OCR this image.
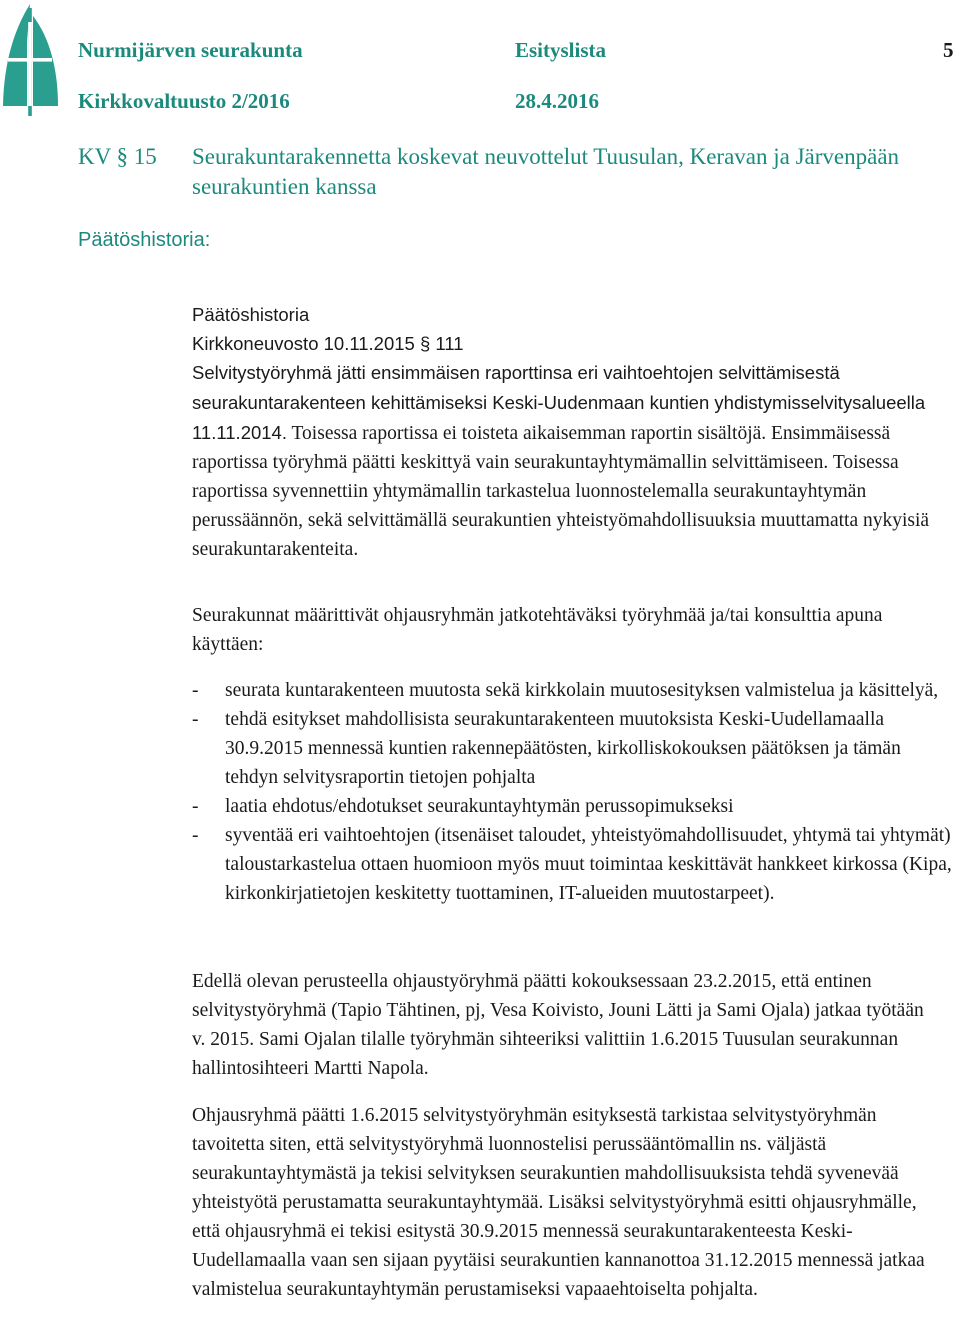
Nurmijärven seurakunta	Esityslista	5
Kirkkovaltuusto 2/2016	28.4.2016
KV § 15 Seurakuntarakennetta koskevat neuvottelut Tuusulan, Keravan ja Järvenpään seurakuntien kanssa
Päätöshistoria:

Päätöshistoria

Kirkkoneuvosto 10.11.2015 § 111

Selvitystyöryhmä jätti ensimmäisen raporttinsa eri vaihtoehtojen selvittämisestä seurakuntarakenteen kehittämiseksi Keski-Uudenmaan kuntien yhdistymisselvitysalueella 11.11.2014. Toisessa raportissa ei toisteta aikaisemman raportin sisältöjä. Ensimmäisessä raportissa työryhmä päätti keskittyä vain seurakuntayhtymämallin selvittämiseen. Toisessa raportissa syvennettiin yhtymämallin tarkastelua luonnostelemalla seurakuntayhtymän perussäännön, sekä selvittämällä seurakuntien yhteistyömahdollisuuksia muuttamatta nykyisiä seurakuntarakenteita.

Seurakunnat määrittivät ohjausryhmän jatkotehtäväksi työryhmää ja/tai konsulttia apuna käyttäen:
- seurata kuntarakenteen muutosta sekä kirkkolain muutosesityksen valmistelua ja käsittelyä,
- tehdä esitykset mahdollisista seurakuntarakenteen muutoksista Keski-Uudellamaalla 30.9.2015 mennessä kuntien rakennepäätösten, kirkolliskokouksen päätöksen ja tämän tehdyn selvitysraportin tietojen pohjalta
- laatia ehdotus/ehdotukset seurakuntayhtymän perussopimukseksi
- syventää eri vaihtoehtojen (itsenäiset taloudet, yhteistyömahdollisuudet, yhtymä tai yhtymät) taloustarkastelua ottaen huomioon myös muut toimintaa keskittävät hankkeet kirkossa (Kipa, kirkonkirjatietojen keskitetty tuottaminen, IT-alueiden muutostarpeet).
Edellä olevan perusteella ohjaustyöryhmä päätti kokouksessaan 23.2.2015, että entinen selvitystyöryhmä (Tapio Tähtinen, pj, Vesa Koivisto, Jouni Lätti ja Sami Ojala) jatkaa työtään v. 2015. Sami Ojalan tilalle työryhmän sihteeriksi valittiin 1.6.2015 Tuusulan seurakunnan hallintosihteeri Martti Napola.
Ohjausryhmä päätti 1.6.2015 selvitystyöryhmän esityksestä tarkistaa selvitystyöryhmän tavoitetta siten, että selvitystyöryhmä luonnostelisi perussääntömallin ns. väljästä seurakuntayhtymästä ja tekisi selvityksen seurakuntien mahdollisuuksista tehdä syvenevää yhteistyötä perustamatta seurakuntayhtymää. Lisäksi selvitystyöryhmä esitti ohjausryhmälle, että ohjausryhmä ei tekisi esitystä 30.9.2015 mennessä seurakuntarakenteesta Keski-Uudellamaalla vaan sen sijaan pyytäisi seurakuntien kannanottoa 31.12.2015 mennessä jatkaa valmistelua seurakuntayhtymän perustamiseksi vapaaehtoiselta pohjalta.
